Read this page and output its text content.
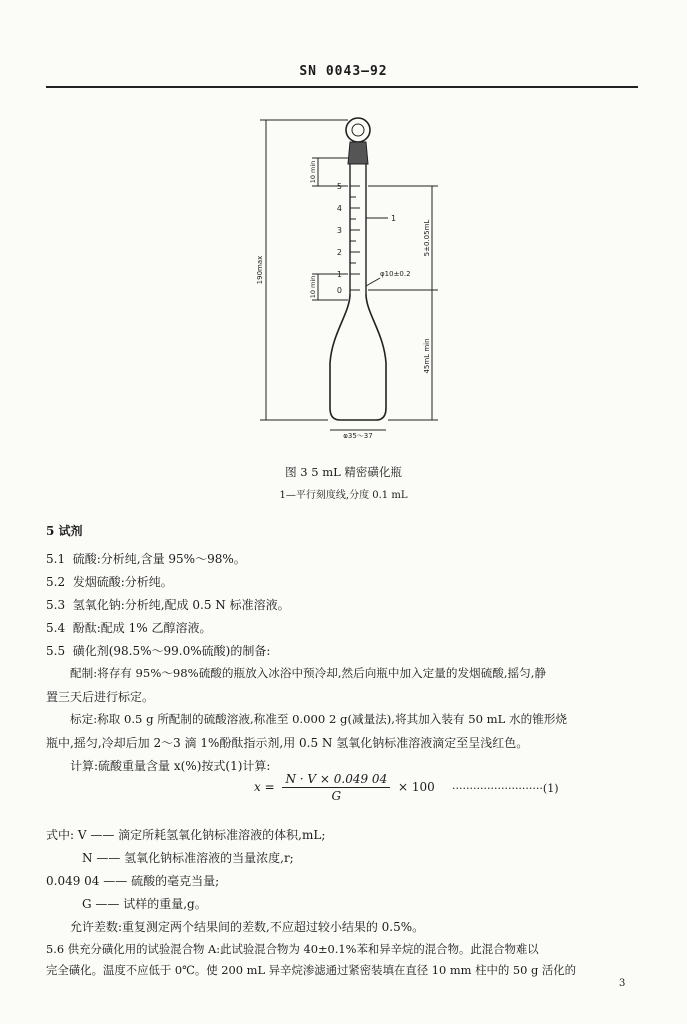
SN 0043—92
5
4
3
2
1
0
1
φ10±0.2
φ35～37
190max
10 min
10 min
5±0.05mL
45mL min
图 3 5 mL 精密磺化瓶
1—平行刻度线,分度 0.1 mL
5 试剂
5.1 硫酸:分析纯,含量 95%～98%。
5.2 发烟硫酸:分析纯。
5.3 氢氧化钠:分析纯,配成 0.5 N 标准溶液。
5.4 酚酞:配成 1% 乙醇溶液。
5.5 磺化剂(98.5%～99.0%硫酸)的制备:
配制:将存有 95%～98%硫酸的瓶放入冰浴中预冷却,然后向瓶中加入定量的发烟硫酸,摇匀,静
置三天后进行标定。
标定:称取 0.5 g 所配制的硫酸溶液,称准至 0.000 2 g(减量法),将其加入装有 50 mL 水的锥形烧
瓶中,摇匀,冷却后加 2～3 滴 1%酚酞指示剂,用 0.5 N 氢氧化钠标准溶液滴定至呈浅红色。
计算:硫酸重量含量 x(%)按式(1)计算:
$x = \frac{N \cdot V \times 0.049 04}{G} \times 100 \cdot\cdot\cdot\cdot\cdot\cdot\cdot\cdot\cdot\cdot\cdot\cdot\cdot\cdot\cdot\cdot\cdot\cdot\cdot\cdot\cdot\cdot\cdot\cdot\cdot\cdot(1)$
式中: V —— 滴定所耗氢氧化钠标准溶液的体积,mL;
N —— 氢氧化钠标准溶液的当量浓度,r;
0.049 04 —— 硫酸的毫克当量;
G —— 试样的重量,g。
允许差数:重复测定两个结果间的差数,不应超过较小结果的 0.5%。
5.6 供充分磺化用的试验混合物 A:此试验混合物为 40±0.1%苯和异辛烷的混合物。此混合物难以
完全磺化。温度不应低于 0℃。使 200 mL 异辛烷渗滤通过紧密装填在直径 10 mm 柱中的 50 g 活化的
3
